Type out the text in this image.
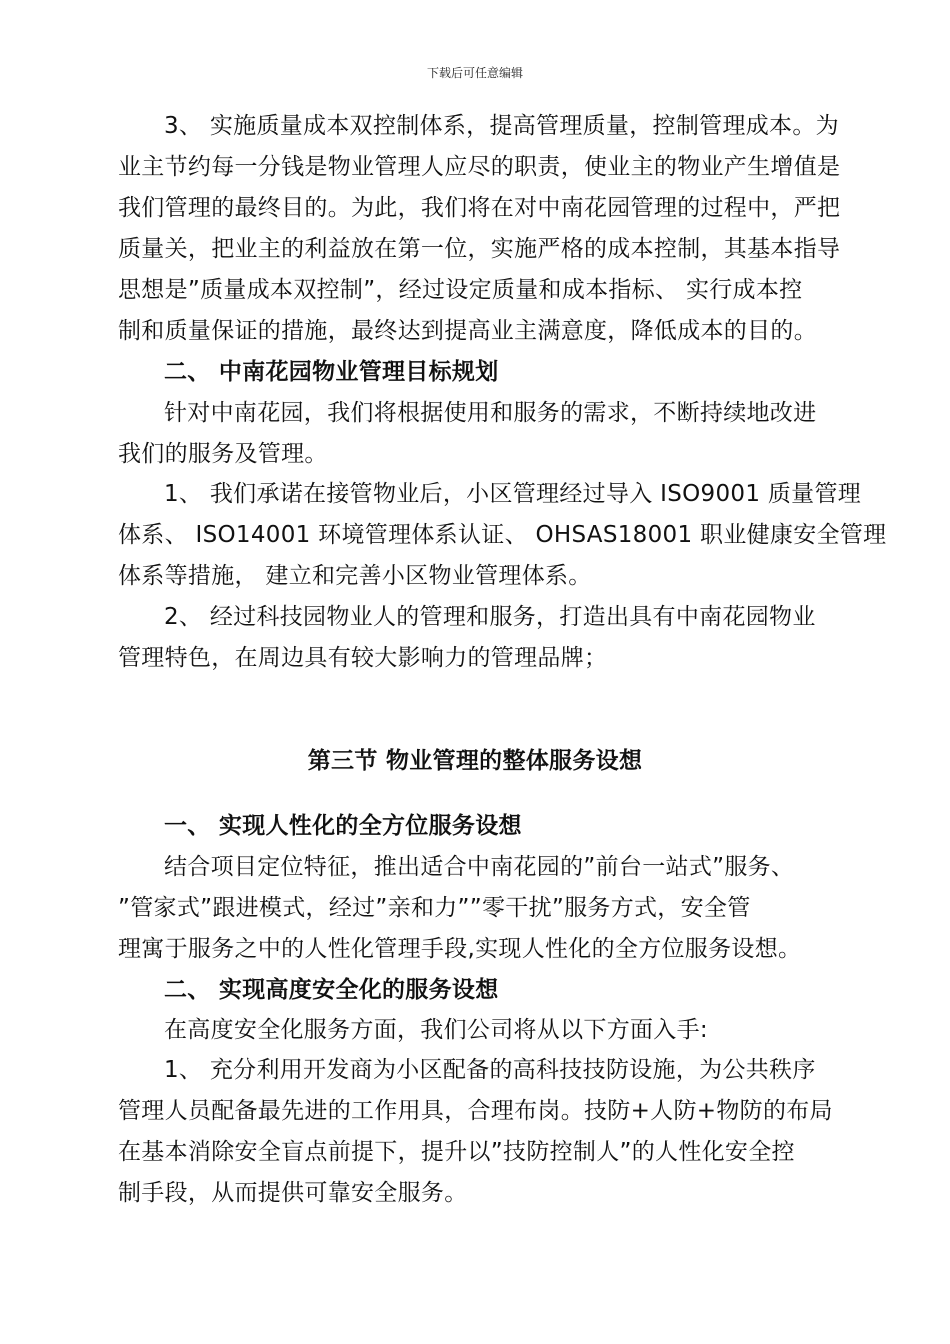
下载后可任意编辑
3、 实施质量成本双控制体系，提高管理质量，控制管理成本。为
业主节约每一分钱是物业管理人应尽的职责，使业主的物业产生增值是
我们管理的最终目的。为此，我们将在对中南花园管理的过程中，严把
质量关，把业主的利益放在第一位，实施严格的成本控制，其基本指导
思想是”质量成本双控制”，经过设定质量和成本指标、 实行成本控
制和质量保证的措施，最终达到提高业主满意度，降低成本的目的。
二、 中南花园物业管理目标规划
针对中南花园，我们将根据使用和服务的需求，不断持续地改进
我们的服务及管理。
1、 我们承诺在接管物业后，小区管理经过导入 ISO9001 质量管理
体系、 ISO14001 环境管理体系认证、 OHSAS18001 职业健康安全管理
体系等措施， 建立和完善小区物业管理体系。
2、 经过科技园物业人的管理和服务，打造出具有中南花园物业
管理特色，在周边具有较大影响力的管理品牌；
第三节 物业管理的整体服务设想
一、 实现人性化的全方位服务设想
结合项目定位特征，推出适合中南花园的”前台一站式”服务、
”管家式”跟进模式，经过”亲和力””零干扰”服务方式，安全管
理寓于服务之中的人性化管理手段,实现人性化的全方位服务设想。
二、 实现高度安全化的服务设想
在高度安全化服务方面，我们公司将从以下方面入手:
1、 充分利用开发商为小区配备的高科技技防设施，为公共秩序
管理人员配备最先进的工作用具，合理布岗。技防+人防+物防的布局
在基本消除安全盲点前提下，提升以”技防控制人”的人性化安全控
制手段，从而提供可靠安全服务。
